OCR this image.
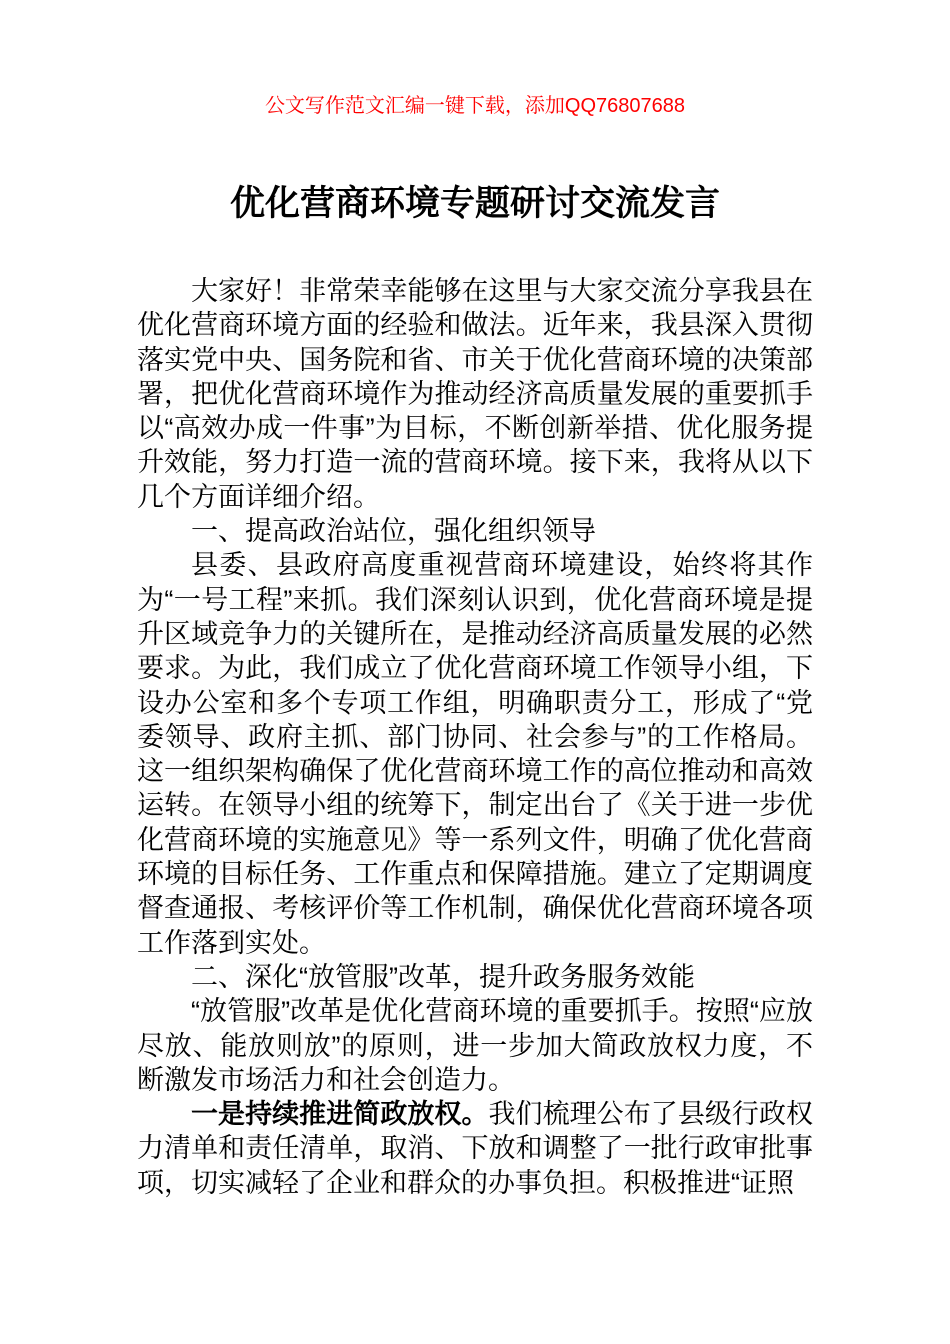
公文写作范文汇编一键下载，添加QQ76807688
优化营商环境专题研讨交流发言

大家好！非常荣幸能够在这里与大家交流分享我县在优化营商环境方面的经验和做法。近年来，我县深入贯彻落实党中央、国务院和省、市关于优化营商环境的决策部署，把优化营商环境作为推动经济高质量发展的重要抓手以“高效办成一件事”为目标，不断创新举措、优化服务提升效能，努力打造一流的营商环境。接下来，我将从以下几个方面详细介绍。

一、提高政治站位，强化组织领导

县委、县政府高度重视营商环境建设，始终将其作为“一号工程”来抓。我们深刻认识到，优化营商环境是提升区域竞争力的关键所在，是推动经济高质量发展的必然要求。为此，我们成立了优化营商环境工作领导小组，下设办公室和多个专项工作组，明确职责分工，形成了“党委领导、政府主抓、部门协同、社会参与”的工作格局。这一组织架构确保了优化营商环境工作的高位推动和高效运转。在领导小组的统筹下，制定出台了《关于进一步优化营商环境的实施意见》等一系列文件，明确了优化营商环境的目标任务、工作重点和保障措施。建立了定期调度督查通报、考核评价等工作机制，确保优化营商环境各项工作落到实处。

二、深化“放管服”改革，提升政务服务效能

“放管服”改革是优化营商环境的重要抓手。按照“应放尽放、能放则放”的原则，进一步加大简政放权力度，不断激发市场活力和社会创造力。

一是持续推进简政放权。我们梳理公布了县级行政权力清单和责任清单，取消、下放和调整了一批行政审批事项，切实减轻了企业和群众的办事负担。积极推进“证照
